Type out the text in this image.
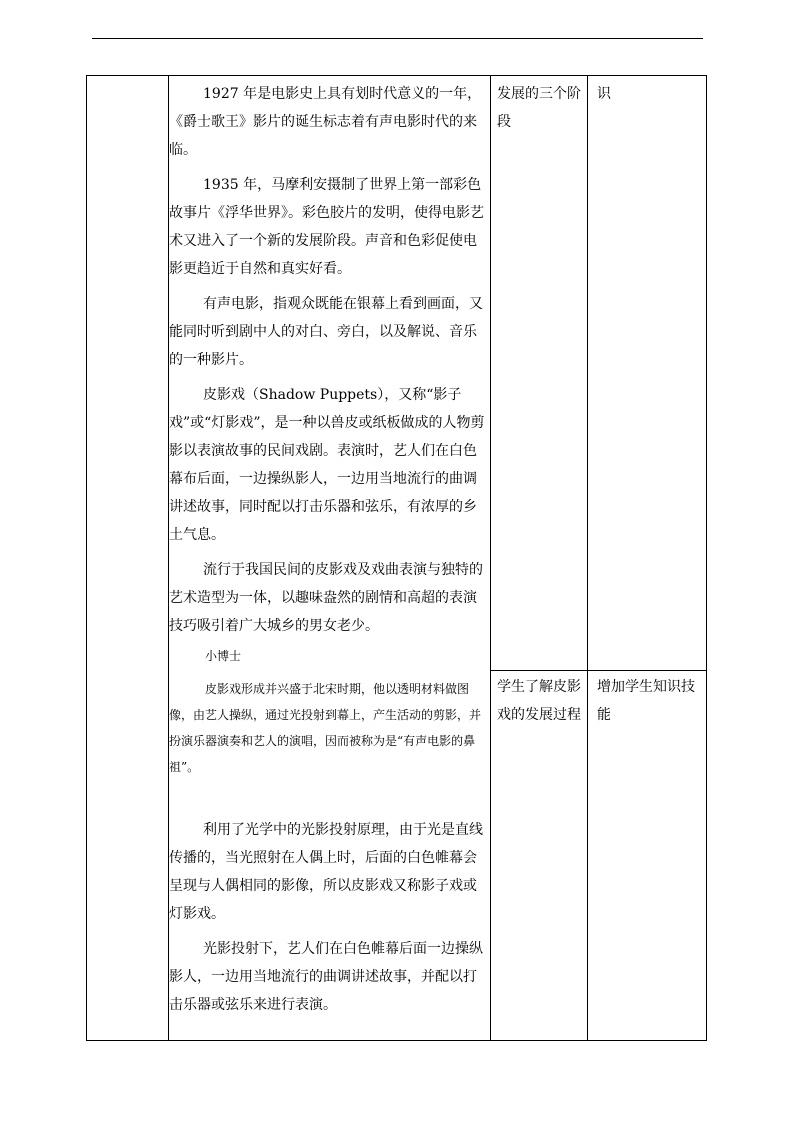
1927 年是电影史上具有划时代意义的一年，《爵士歌王》影片的诞生标志着有声电影时代的来临。

1935 年，马摩利安摄制了世界上第一部彩色故事片《浮华世界》。彩色胶片的发明，使得电影艺术又进入了一个新的发展阶段。声音和色彩促使电影更趋近于自然和真实好看。

有声电影，指观众既能在银幕上看到画面，又能同时听到剧中人的对白、旁白，以及解说、音乐的一种影片。

皮影戏（Shadow Puppets），又称“影子戏”或“灯影戏”，是一种以兽皮或纸板做成的人物剪影以表演故事的民间戏剧。表演时，艺人们在白色幕布后面，一边操纵影人，一边用当地流行的曲调讲述故事，同时配以打击乐器和弦乐，有浓厚的乡土气息。

流行于我国民间的皮影戏及戏曲表演与独特的艺术造型为一体，以趣味盎然的剧情和高超的表演技巧吸引着广大城乡的男女老少。

小博士

皮影戏形成并兴盛于北宋时期，他以透明材料做图像，由艺人操纵，通过光投射到幕上，产生活动的剪影，并扮演乐器演奏和艺人的演唱，因而被称为是“有声电影的鼻祖”。

利用了光学中的光影投射原理，由于光是直线传播的，当光照射在人偶上时，后面的白色帷幕会呈现与人偶相同的影像，所以皮影戏又称影子戏或灯影戏。

光影投射下，艺人们在白色帷幕后面一边操纵影人，一边用当地流行的曲调讲述故事，并配以打击乐器或弦乐来进行表演。

发展的三个阶段

学生了解皮影戏的发展过程

识

增加学生知识技能
